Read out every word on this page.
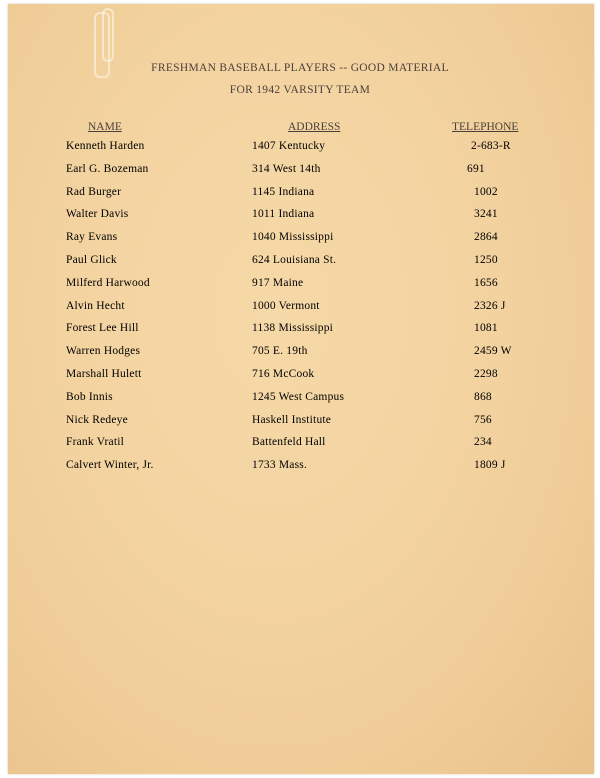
FRESHMAN BASEBALL PLAYERS -- GOOD MATERIAL
FOR 1942 VARSITY TEAM
NAME	ADDRESS	TELEPHONE
Kenneth Harden	1407 Kentucky	2-683-R
Earl G. Bozeman	314 West 14th	691
Rad Burger	1145 Indiana	1002
Walter Davis	1011 Indiana	3241
Ray Evans	1040 Mississippi	2864
Paul Glick	624 Louisiana St.	1250
Milferd Harwood	917 Maine	1656
Alvin Hecht	1000 Vermont	2326 J
Forest Lee Hill	1138 Mississippi	1081
Warren Hodges	705 E. 19th	2459 W
Marshall Hulett	716 McCook	2298
Bob Innis	1245 West Campus	868
Nick Redeye	Haskell Institute	756
Frank Vratil	Battenfeld Hall	234
Calvert Winter, Jr.	1733 Mass.	1809 J
